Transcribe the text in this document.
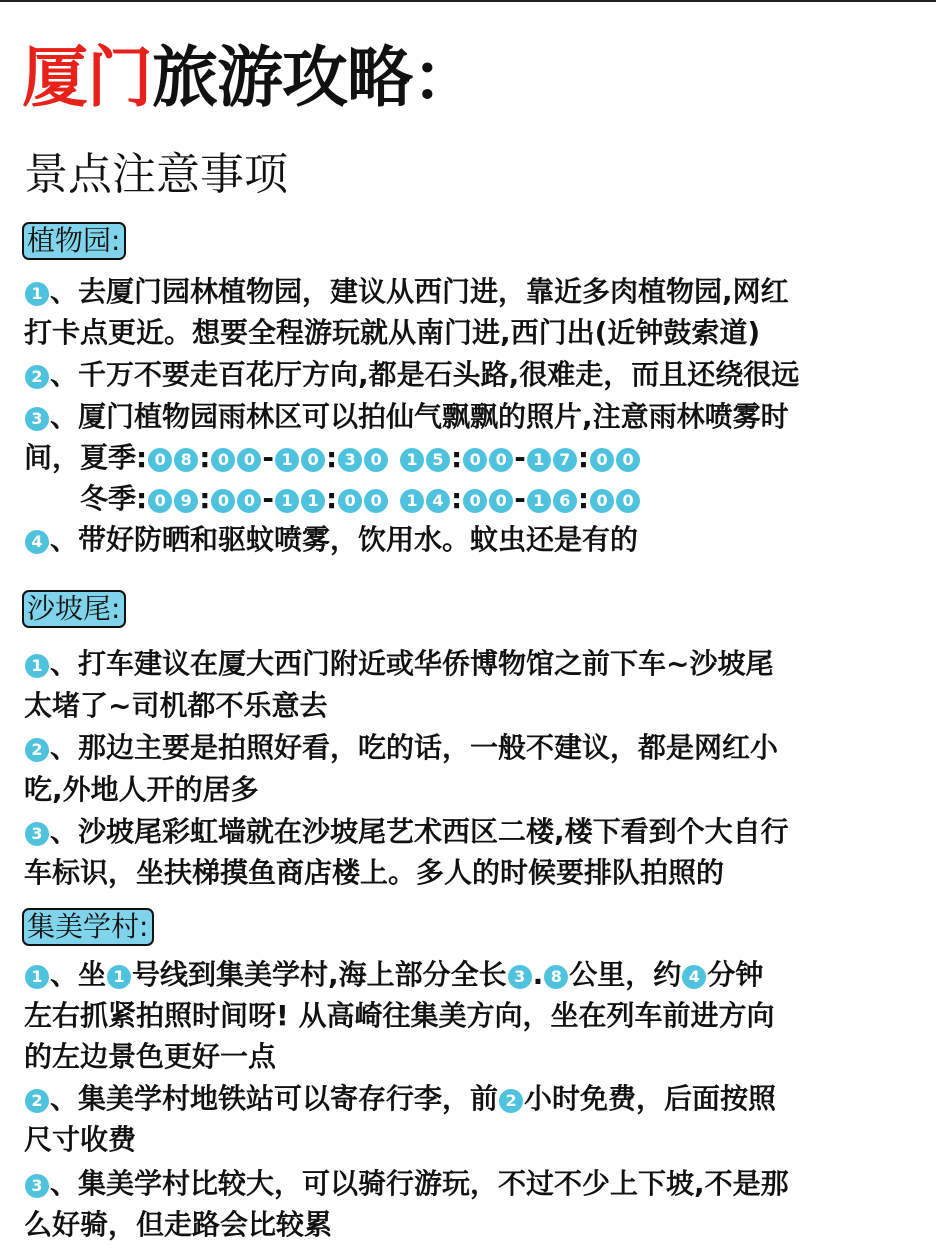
厦门旅游攻略：
景点注意事项
植物园:
1 、去厦门园林植物园，建议从西门进，靠近多肉植物园,网红
打卡点更近。想要全程游玩就从南门进,西门出(近钟鼓索道)
2 、千万不要走百花厅方向,都是石头路,很难走，而且还绕很远
3 、厦门植物园雨林区可以拍仙气飘飘的照片,注意雨林喷雾时
间，夏季: 0 8 : 0 0 - 1 0 : 3 0 1 5 : 0 0 - 1 7 : 0 0
冬季: 0 9 : 0 0 - 1 1 : 0 0 1 4 : 0 0 - 1 6 : 0 0
4 、带好防晒和驱蚊喷雾，饮用水。蚊虫还是有的
沙坡尾:
1 、打车建议在厦大西门附近或华侨博物馆之前下车~沙坡尾
太堵了~司机都不乐意去
2 、那边主要是拍照好看，吃的话，一般不建议，都是网红小
吃,外地人开的居多
3 、沙坡尾彩虹墙就在沙坡尾艺术西区二楼,楼下看到个大自行
车标识，坐扶梯摸鱼商店楼上。多人的时候要排队拍照的
集美学村:
1 、坐 1 号线到集美学村,海上部分全长 3 . 8 公里，约 4 分钟
左右抓紧拍照时间呀! 从高崎往集美方向，坐在列车前进方向
的左边景色更好一点
2 、集美学村地铁站可以寄存行李，前 2 小时免费，后面按照
尺寸收费
3 、集美学村比较大，可以骑行游玩，不过不少上下坡,不是那
么好骑，但走路会比较累
